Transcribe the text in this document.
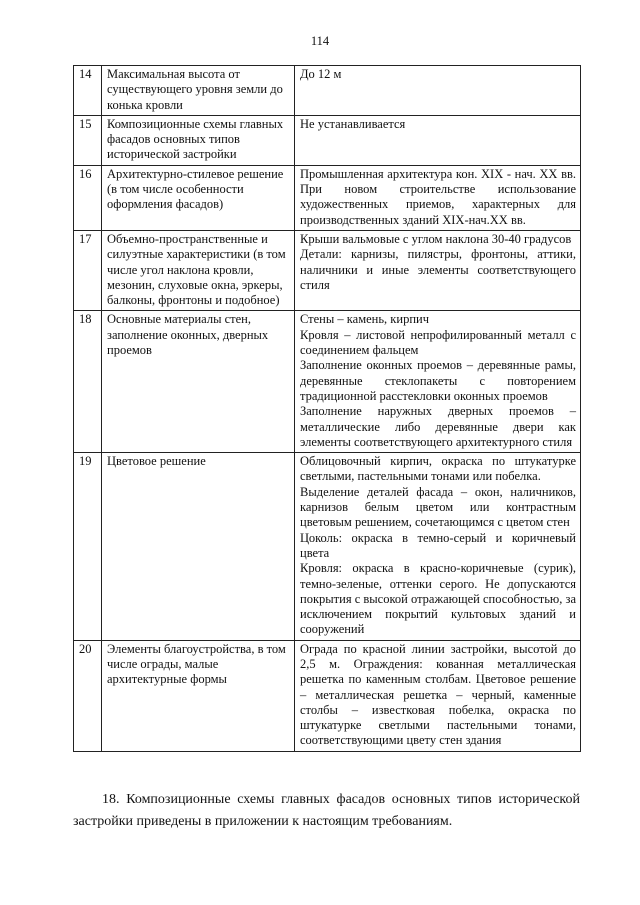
114
14	Максимальная высота от существующего уровня земли до конька кровли	До 12 м

15	Композиционные схемы главных фасадов основных типов исторической застройки	Не устанавливается

16	Архитектурно-стилевое решение (в том числе особенности оформления фасадов)	Промышленная архитектура кон. XIX - нач. XX вв. При новом строительстве использование художественных приемов, характерных для производственных зданий XIX-нач.XX вв.

17	Объемно-пространственные и силуэтные характеристики (в том числе угол наклона кровли, мезонин, слуховые окна, эркеры, балконы, фронтоны и подобное)	Крыши вальмовые с углом наклона 30-40 градусов
Детали: карнизы, пилястры, фронтоны, аттики, наличники и иные элементы соответствующего стиля

18	Основные материалы стен, заполнение оконных, дверных проемов	Стены – камень, кирпич
Кровля – листовой непрофилированный металл с соединением фальцем
Заполнение оконных проемов – деревянные рамы, деревянные стеклопакеты с повторением традиционной расстекловки оконных проемов
Заполнение наружных дверных проемов – металлические либо деревянные двери как элементы соответствующего архитектурного стиля

19	Цветовое решение	Облицовочный кирпич, окраска по штукатурке светлыми, пастельными тонами или побелка.
Выделение деталей фасада – окон, наличников, карнизов белым цветом или контрастным цветовым решением, сочетающимся с цветом стен
Цоколь: окраска в темно-серый и коричневый цвета
Кровля: окраска в красно-коричневые (сурик), темно-зеленые, оттенки серого. Не допускаются покрытия с высокой отражающей способностью, за исключением покрытий культовых зданий и сооружений

20	Элементы благоустройства, в том числе ограды, малые архитектурные формы	Ограда по красной линии застройки, высотой до 2,5 м. Ограждения: кованная металлическая решетка по каменным столбам. Цветовое решение – металлическая решетка – черный, каменные столбы – известковая побелка, окраска по штукатурке светлыми пастельными тонами, соответствующими цвету стен здания

18. Композиционные схемы главных фасадов основных типов исторической застройки приведены в приложении к настоящим требованиям.
